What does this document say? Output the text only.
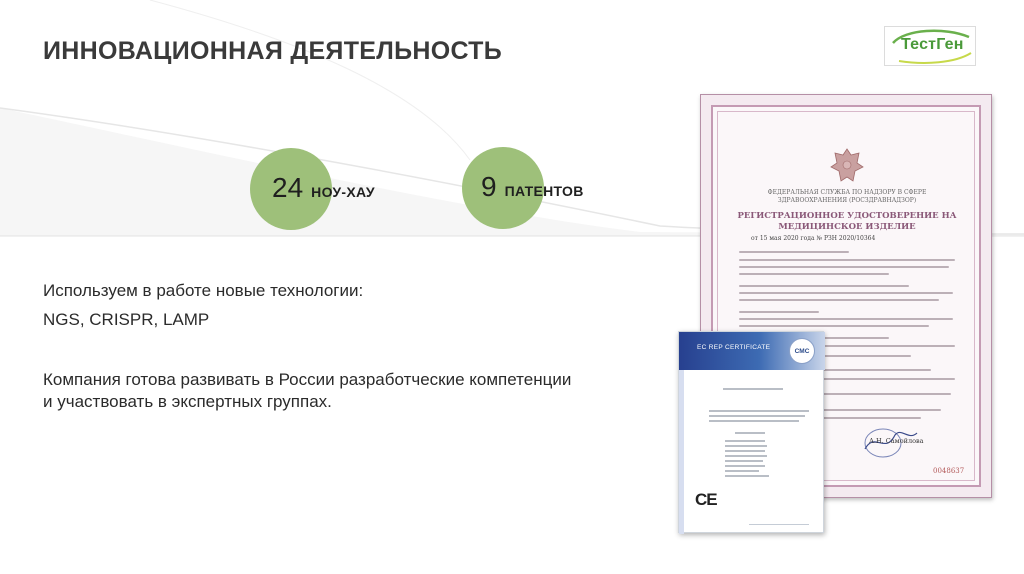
ИННОВАЦИОННАЯ ДЕЯТЕЛЬНОСТЬ	ТестГен
24 НОУ-ХАУ	9 ПАТЕНТОВ
Используем в работе новые технологии:
NGS, CRISPR, LAMP
Компания готова развивать в России разработческие компетенции
и участвовать в экспертных группах.
ФЕДЕРАЛЬНАЯ СЛУЖБА ПО НАДЗОРУ В СФЕРЕ ЗДРАВООХРАНЕНИЯ (РОСЗДРАВНАДЗОР)
РЕГИСТРАЦИОННОЕ УДОСТОВЕРЕНИЕ НА МЕДИЦИНСКОЕ ИЗДЕЛИЕ
от 15 мая 2020 года № РЗН 2020/10364
А.Н. Самойлова
0048637
EC REP CERTIFICATE	CMC
CE
